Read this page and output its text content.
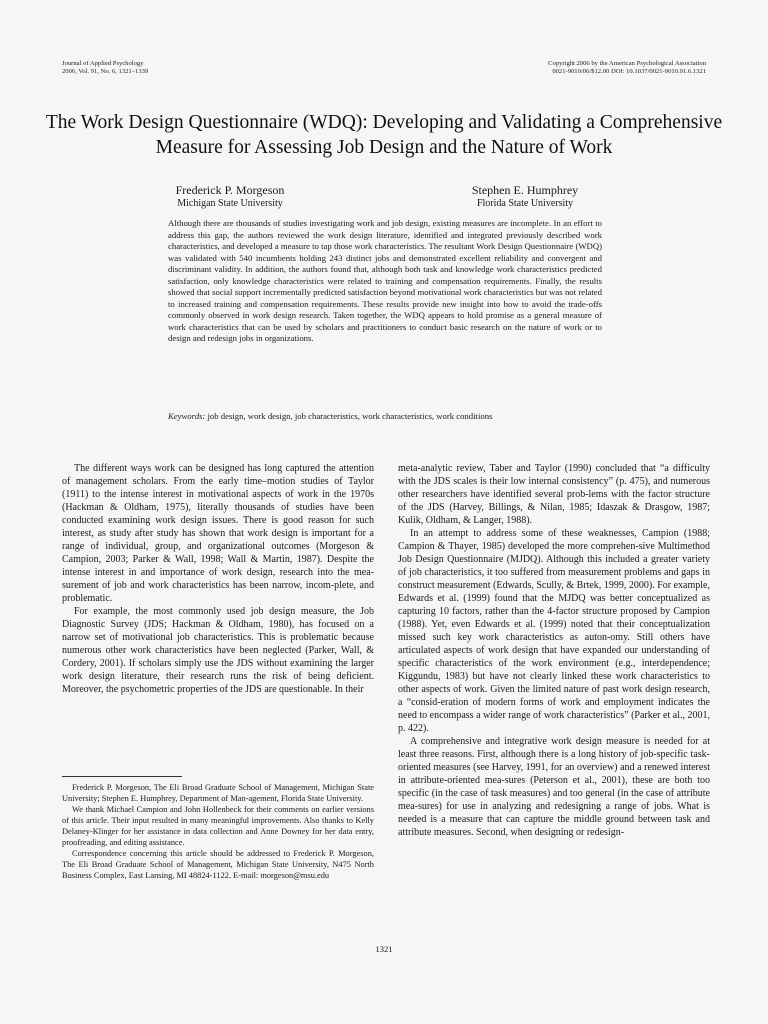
Journal of Applied Psychology
2006, Vol. 91, No. 6, 1321–1339
Copyright 2006 by the American Psychological Association
0021-9010/06/$12.00 DOI: 10.1037/0021-9010.91.6.1321
The Work Design Questionnaire (WDQ): Developing and Validating a Comprehensive Measure for Assessing Job Design and the Nature of Work
Frederick P. Morgeson
Michigan State University
Stephen E. Humphrey
Florida State University

Although there are thousands of studies investigating work and job design, existing measures are incomplete. In an effort to address this gap, the authors reviewed the work design literature, identified and integrated previously described work characteristics, and developed a measure to tap those work characteristics. The resultant Work Design Questionnaire (WDQ) was validated with 540 incumbents holding 243 distinct jobs and demonstrated excellent reliability and convergent and discriminant validity. In addition, the authors found that, although both task and knowledge work characteristics predicted satisfaction, only knowledge characteristics were related to training and compensation requirements. Finally, the results showed that social support incrementally predicted satisfaction beyond motivational work characteristics but was not related to increased training and compensation requirements. These results provide new insight into how to avoid the trade-offs commonly observed in work design research. Taken together, the WDQ appears to hold promise as a general measure of work characteristics that can be used by scholars and practitioners to conduct basic research on the nature of work or to design and redesign jobs in organizations.

Keywords: job design, work design, job characteristics, work characteristics, work conditions

The different ways work can be designed has long captured the attention of management scholars. From the early time–motion studies of Taylor (1911) to the intense interest in motivational aspects of work in the 1970s (Hackman & Oldham, 1975), literally thousands of studies have been conducted examining work design issues. There is good reason for such interest, as study after study has shown that work design is important for a range of individual, group, and organizational outcomes (Morgeson & Campion, 2003; Parker & Wall, 1998; Wall & Martin, 1987). Despite the intense interest in and importance of work design, research into the mea-surement of job and work characteristics has been narrow, incom-plete, and problematic.

For example, the most commonly used job design measure, the Job Diagnostic Survey (JDS; Hackman & Oldham, 1980), has focused on a narrow set of motivational job characteristics. This is problematic because numerous other work characteristics have been neglected (Parker, Wall, & Cordery, 2001). If scholars simply use the JDS without examining the larger work design literature, their research runs the risk of being deficient. Moreover, the psychometric properties of the JDS are questionable. In their

meta-analytic review, Taber and Taylor (1990) concluded that “a difficulty with the JDS scales is their low internal consistency” (p. 475), and numerous other researchers have identified several prob-lems with the factor structure of the JDS (Harvey, Billings, & Nilan, 1985; Idaszak & Drasgow, 1987; Kulik, Oldham, & Langer, 1988).

In an attempt to address some of these weaknesses, Campion (1988; Campion & Thayer, 1985) developed the more comprehen-sive Multimethod Job Design Questionnaire (MJDQ). Although this included a greater variety of job characteristics, it too suffered from measurement problems and gaps in construct measurement (Edwards, Scully, & Brtek, 1999, 2000). For example, Edwards et al. (1999) found that the MJDQ was better conceptualized as capturing 10 factors, rather than the 4-factor structure proposed by Campion (1988). Yet, even Edwards et al. (1999) noted that their conceptualization missed such key work characteristics as auton-omy. Still others have articulated aspects of work design that have expanded our understanding of specific characteristics of the work environment (e.g., interdependence; Kiggundu, 1983) but have not clearly linked these work characteristics to other aspects of work. Given the limited nature of past work design research, a “consid-eration of modern forms of work and employment indicates the need to encompass a wider range of work characteristics” (Parker et al., 2001, p. 422).

A comprehensive and integrative work design measure is needed for at least three reasons. First, although there is a long history of job-specific task-oriented measures (see Harvey, 1991, for an overview) and a renewed interest in attribute-oriented mea-sures (Peterson et al., 2001), these are both too specific (in the case of task measures) and too general (in the case of attribute mea-sures) for use in analyzing and redesigning a range of jobs. What is needed is a measure that can capture the middle ground between task and attribute measures. Second, when designing or redesign-

Frederick P. Morgeson, The Eli Broad Graduate School of Management, Michigan State University; Stephen E. Humphrey, Department of Man-agement, Florida State University.

We thank Michael Campion and John Hollenbeck for their comments on earlier versions of this article. Their input resulted in many meaningful improvements. Also thanks to Kelly Delaney-Klinger for her assistance in data collection and Anne Downey for her data entry, proofreading, and editing assistance.

Correspondence concerning this article should be addressed to Frederick P. Morgeson, The Eli Broad Graduate School of Management, Michigan State University, N475 North Business Complex, East Lansing, MI 48824-1122. E-mail: morgeson@msu.edu

1321
